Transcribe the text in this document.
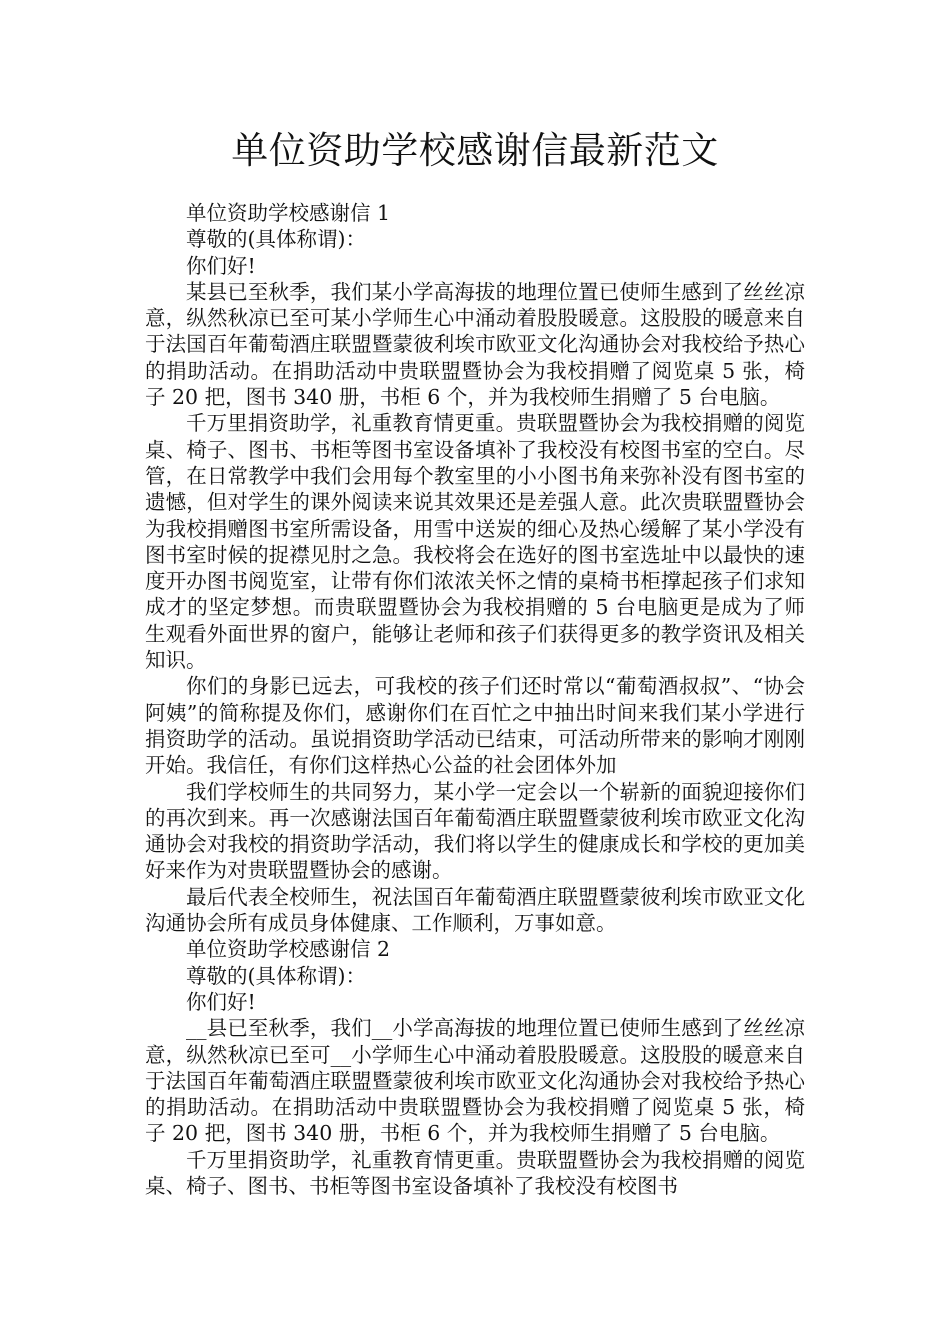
单位资助学校感谢信最新范文

单位资助学校感谢信 1

尊敬的(具体称谓)：

你们好!

某县已至秋季，我们某小学高海拔的地理位置已使师生感到了丝丝凉意，纵然秋凉已至可某小学师生心中涌动着股股暖意。这股股的暖意来自于法国百年葡萄酒庄联盟暨蒙彼利埃市欧亚文化沟通协会对我校给予热心的捐助活动。在捐助活动中贵联盟暨协会为我校捐赠了阅览桌 5 张，椅子 20 把，图书 340 册，书柜 6 个，并为我校师生捐赠了 5 台电脑。

千万里捐资助学，礼重教育情更重。贵联盟暨协会为我校捐赠的阅览桌、椅子、图书、书柜等图书室设备填补了我校没有校图书室的空白。尽管，在日常教学中我们会用每个教室里的小小图书角来弥补没有图书室的遗憾，但对学生的课外阅读来说其效果还是差强人意。此次贵联盟暨协会为我校捐赠图书室所需设备，用雪中送炭的细心及热心缓解了某小学没有图书室时候的捉襟见肘之急。我校将会在选好的图书室选址中以最快的速度开办图书阅览室，让带有你们浓浓关怀之情的桌椅书柜撑起孩子们求知成才的坚定梦想。而贵联盟暨协会为我校捐赠的 5 台电脑更是成为了师生观看外面世界的窗户，能够让老师和孩子们获得更多的教学资讯及相关知识。

你们的身影已远去，可我校的孩子们还时常以“葡萄酒叔叔”、“协会阿姨”的简称提及你们，感谢你们在百忙之中抽出时间来我们某小学进行捐资助学的活动。虽说捐资助学活动已结束，可活动所带来的影响才刚刚开始。我信任，有你们这样热心公益的社会团体外加

我们学校师生的共同努力，某小学一定会以一个崭新的面貌迎接你们的再次到来。再一次感谢法国百年葡萄酒庄联盟暨蒙彼利埃市欧亚文化沟通协会对我校的捐资助学活动，我们将以学生的健康成长和学校的更加美好来作为对贵联盟暨协会的感谢。

最后代表全校师生，祝法国百年葡萄酒庄联盟暨蒙彼利埃市欧亚文化沟通协会所有成员身体健康、工作顺利，万事如意。

单位资助学校感谢信 2

尊敬的(具体称谓)：

你们好!

__县已至秋季，我们__小学高海拔的地理位置已使师生感到了丝丝凉意，纵然秋凉已至可__小学师生心中涌动着股股暖意。这股股的暖意来自于法国百年葡萄酒庄联盟暨蒙彼利埃市欧亚文化沟通协会对我校给予热心的捐助活动。在捐助活动中贵联盟暨协会为我校捐赠了阅览桌 5 张，椅子 20 把，图书 340 册，书柜 6 个，并为我校师生捐赠了 5 台电脑。

千万里捐资助学，礼重教育情更重。贵联盟暨协会为我校捐赠的阅览桌、椅子、图书、书柜等图书室设备填补了我校没有校图书
